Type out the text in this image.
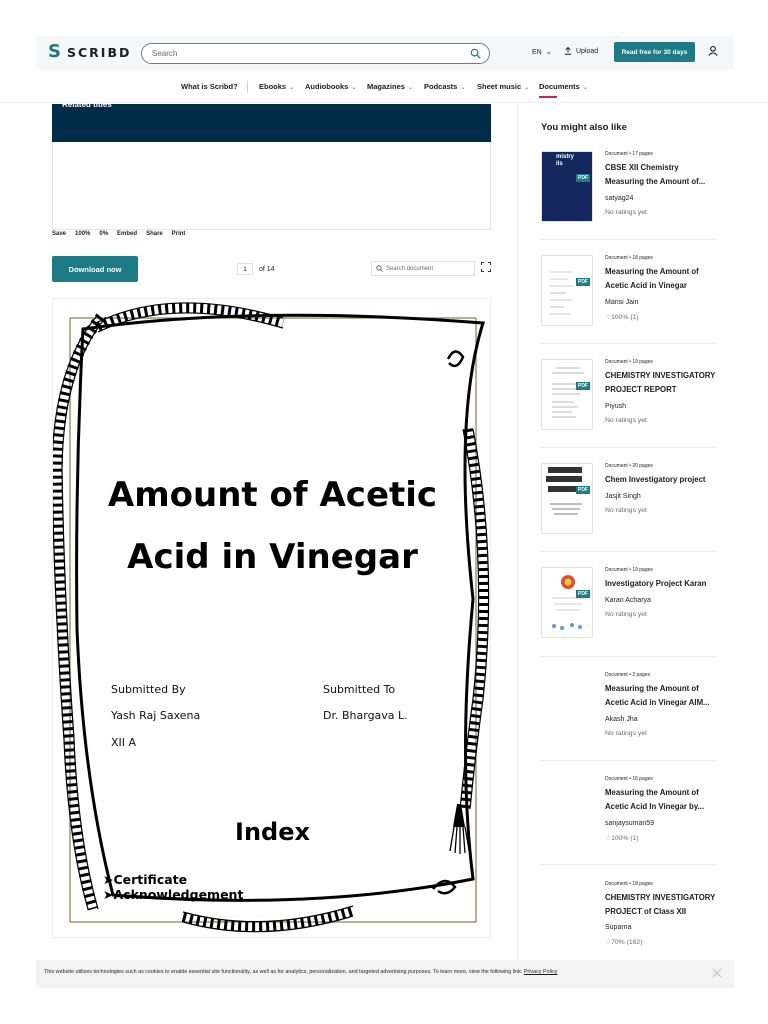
S SCRIBD
Search	EN ⌄	Upload	Read free for 30 days
What is Scribd?	Ebooks ⌄ Audiobooks ⌄ Magazines ⌄ Podcasts ⌄ Sheet music ⌄ Documents ⌄
Related titles
Save 100% 0% Embed Share Print
Download now	1	of 14	Search document
Amount of Acetic
Acid in Vinegar
Submitted By
Yash Raj Saxena
XII A
Submitted To
Dr. Bhargava L.
Index
➤Certificate
➤Acknowledgement
You might also like
mistry
ils
PDF
Document • 17 pages
CBSE XII Chemistry Measuring the Amount of...
satyag24
No ratings yet
PDF
Document • 18 pages
Measuring the Amount of Acetic Acid in Vinegar
Mansi Jain
♢100% (1)
PDF
Document • 19 pages
CHEMISTRY INVESTIGATORY PROJECT REPORT
Piyush
No ratings yet
PDF
Document • 20 pages
Chem Investigatory project
Jasjit Singh
No ratings yet
PDF
Document • 19 pages
Investigatory Project Karan
Karan Acharya
No ratings yet
Document • 2 pages
Measuring the Amount of Acetic Acid in Vinegar AIM...
Akash Jha
No ratings yet
Document • 16 pages
Measuring the Amount of Acetic Acid In Vinegar by...
sanjaysuman59
♢100% (1)
Document • 18 pages
CHEMISTRY INVESTIGATORY PROJECT of Class XII
Suparna
♢70% (162)
This website utilizes technologies such as cookies to enable essential site functionality, as well as for analytics, personalization, and targeted advertising purposes. To learn more, view the following link: Privacy Policy
